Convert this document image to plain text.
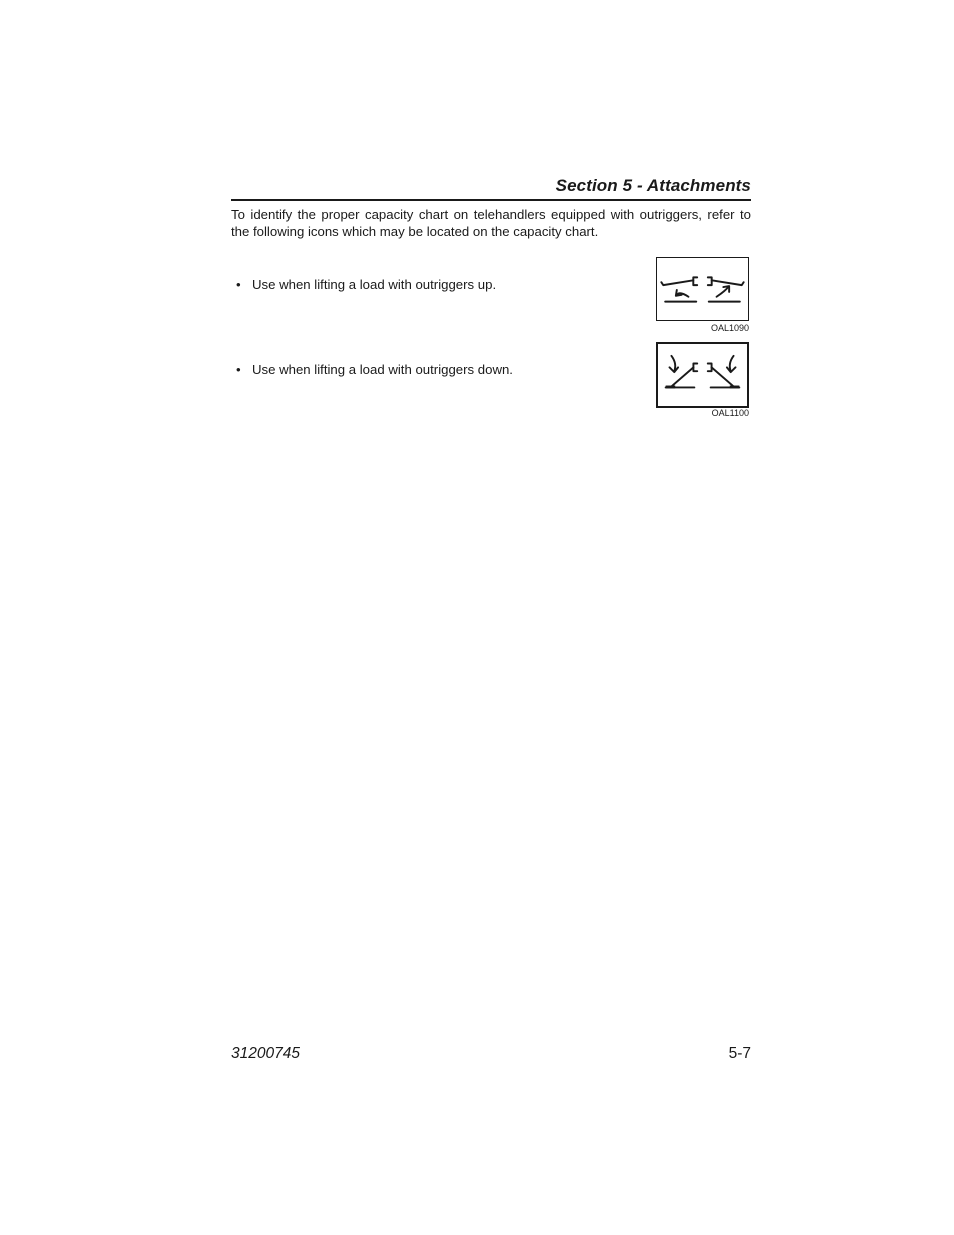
Section 5 - Attachments

To identify the proper capacity chart on telehandlers equipped with outriggers, refer to the following icons which may be located on the capacity chart.

• Use when lifting a load with outriggers up.
OAL1090
• Use when lifting a load with outriggers down.
OAL1100
31200745	5-7
